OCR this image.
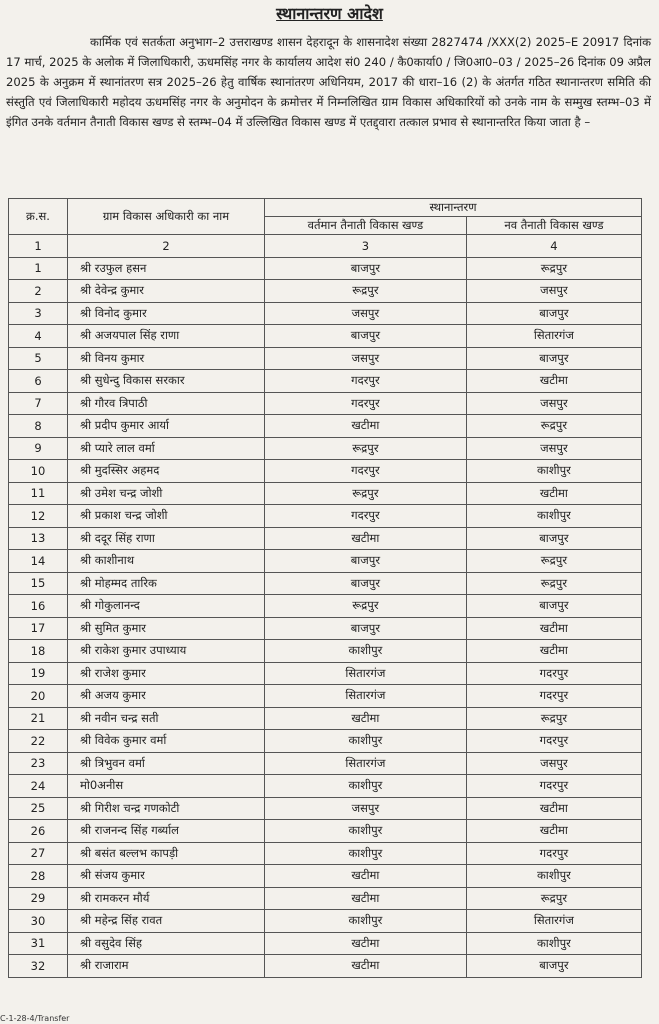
स्थानान्तरण आदेश
कार्मिक एवं सतर्कता अनुभाग–2 उत्तराखण्ड शासन देहरादून के शासनादेश संख्या 2827474 /XXX(2) 2025–E 20917 दिनांक 17 मार्च, 2025 के अलोक में जिलाधिकारी, ऊधमसिंह नगर के कार्यालय आदेश सं0 240 / कै0कार्या0 / जि0आ0–03 / 2025–26 दिनांक 09 अप्रैल 2025 के अनुक्रम में स्थानांतरण सत्र 2025–26 हेतु वार्षिक स्थानांतरण अधिनियम, 2017 की धारा–16 (2) के अंतर्गत गठित स्थानान्तरण समिति की संस्तुति एवं जिलाधिकारी महोदय ऊधमसिंह नगर के अनुमोदन के क्रमोत्तर में निम्नलिखित ग्राम विकास अधिकारियों को उनके नाम के सम्मुख स्तम्भ–03 में इंगित उनके वर्तमान तैनाती विकास खण्ड से स्तम्भ–04 में उल्लिखित विकास खण्ड में एतद्द्वारा तत्काल प्रभाव से स्थानान्तरित किया जाता है –
क्र.स.	ग्राम विकास अधिकारी का नाम	स्थानान्तरण	
		वर्तमान तैनाती विकास खण्ड	नव तैनाती विकास खण्ड
1	2	3	4
1	श्री रउफुल हसन	बाजपुर	रूद्रपुर
2	श्री देवेन्द्र कुमार	रूद्रपुर	जसपुर
3	श्री विनोद कुमार	जसपुर	बाजपुर
4	श्री अजयपाल सिंह राणा	बाजपुर	सितारगंज
5	श्री विनय कुमार	जसपुर	बाजपुर
6	श्री सुधेन्दु विकास सरकार	गदरपुर	खटीमा
7	श्री गौरव त्रिपाठी	गदरपुर	जसपुर
8	श्री प्रदीप कुमार आर्या	खटीमा	रूद्रपुर
9	श्री प्यारे लाल वर्मा	रूद्रपुर	जसपुर
10	श्री मुदस्सिर अहमद	गदरपुर	काशीपुर
11	श्री उमेश चन्द्र जोशी	रूद्रपुर	खटीमा
12	श्री प्रकाश चन्द्र जोशी	गदरपुर	काशीपुर
13	श्री ददूर सिंह राणा	खटीमा	बाजपुर
14	श्री काशीनाथ	बाजपुर	रूद्रपुर
15	श्री मोहम्मद तारिक	बाजपुर	रूद्रपुर
16	श्री गोकुलानन्द	रूद्रपुर	बाजपुर
17	श्री सुमित कुमार	बाजपुर	खटीमा
18	श्री राकेश कुमार उपाध्याय	काशीपुर	खटीमा
19	श्री राजेश कुमार	सितारगंज	गदरपुर
20	श्री अजय कुमार	सितारगंज	गदरपुर
21	श्री नवीन चन्द्र सती	खटीमा	रूद्रपुर
22	श्री विवेक कुमार वर्मा	काशीपुर	गदरपुर
23	श्री त्रिभुवन वर्मा	सितारगंज	जसपुर
24	मो0अनीस	काशीपुर	गदरपुर
25	श्री गिरीश चन्द्र गणकोटी	जसपुर	खटीमा
26	श्री राजनन्द सिंह गर्ब्याल	काशीपुर	खटीमा
27	श्री बसंत बल्लभ कापड़ी	काशीपुर	गदरपुर
28	श्री संजय कुमार	खटीमा	काशीपुर
29	श्री रामकरन मौर्य	खटीमा	रूद्रपुर
30	श्री महेन्द्र सिंह रावत	काशीपुर	सितारगंज
31	श्री वसुदेव सिंह	खटीमा	काशीपुर
32	श्री राजाराम	खटीमा	बाजपुर
C-1-28-4/Transfer
